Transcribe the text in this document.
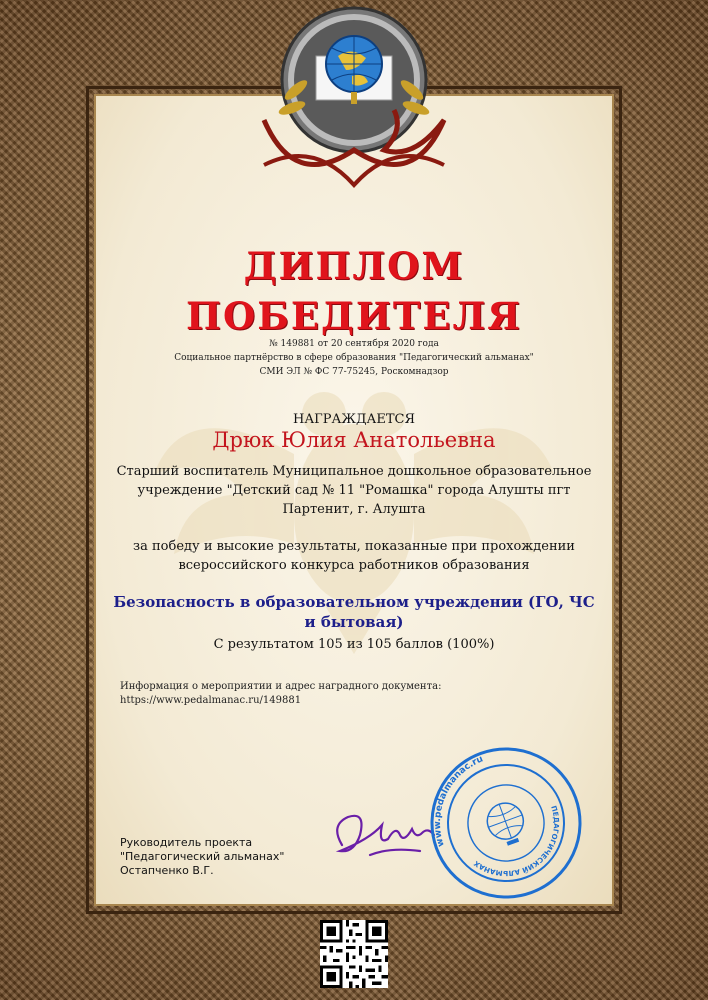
ДИПЛОМ
ПОБЕДИТЕЛЯ
№ 149881 от 20 сентября 2020 года
Социальное партнёрство в сфере образования "Педагогический альманах"
СМИ ЭЛ № ФС 77-75245, Роскомнадзор
НАГРАЖДАЕТСЯ
Дрюк Юлия Анатольевна
Старший воспитатель Муниципальное дошкольное образовательное
учреждение "Детский сад № 11 "Ромашка" города Алушты пгт
Партенит, г. Алушта
за победу и высокие результаты, показанные при прохождении
всероссийского конкурса работников образования
Безопасность в образовательном учреждении (ГО, ЧС
и бытовая)
С результатом 105 из 105 баллов (100%)
Информация о мероприятии и адрес наградного документа:
https://www.pedalmanac.ru/149881
Руководитель проекта
"Педагогический альманах"
Остапченко В.Г.
www.pedalmanac.ru
ПЕДАГОГИЧЕСКИЙ АЛЬМАНАХ
